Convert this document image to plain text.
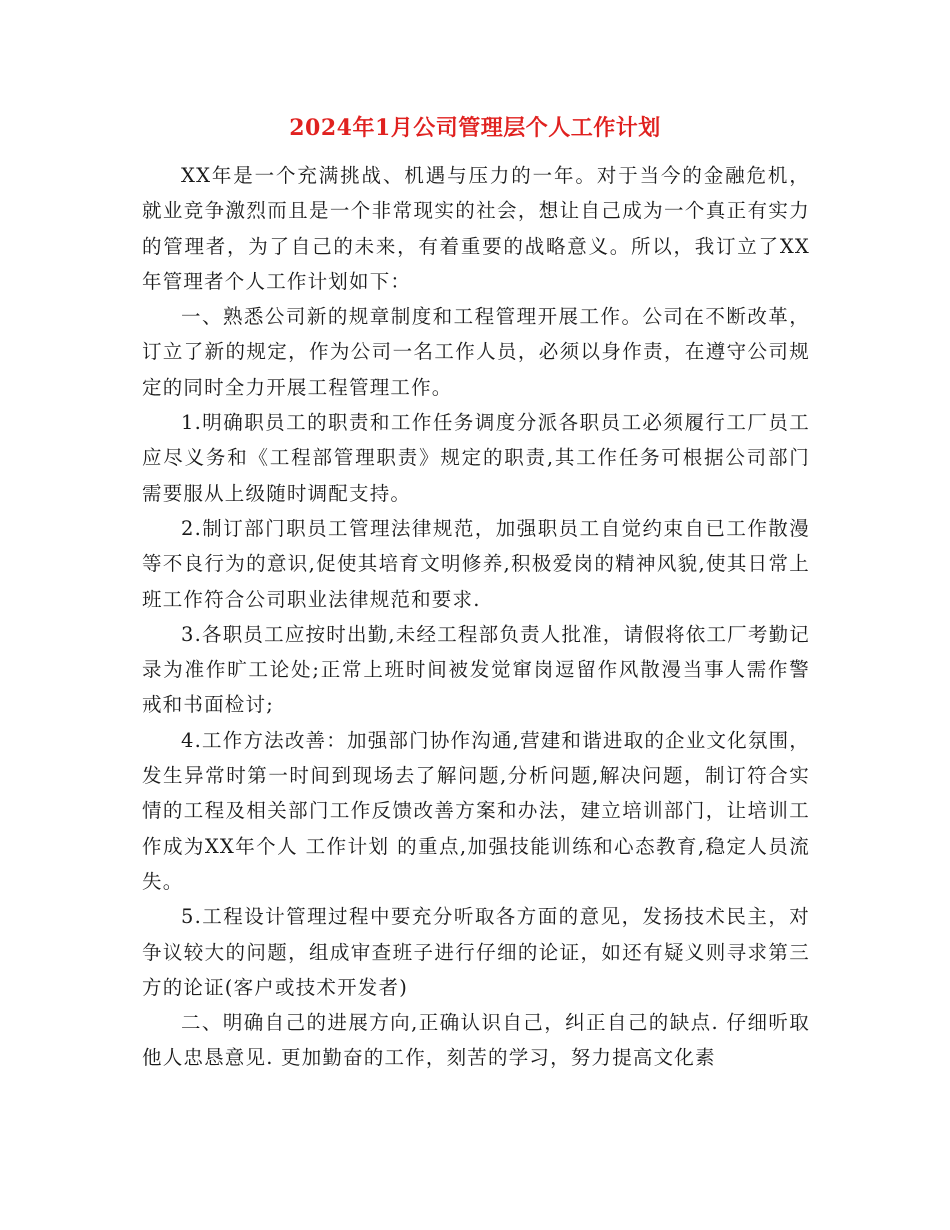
2024年1月公司管理层个人工作计划

XX年是一个充满挑战、机遇与压力的一年。对于当今的金融危机，就业竞争激烈而且是一个非常现实的社会，想让自己成为一个真正有实力的管理者，为了自己的未来，有着重要的战略意义。所以，我订立了XX年管理者个人工作计划如下：

一、熟悉公司新的规章制度和工程管理开展工作。公司在不断改革，订立了新的规定，作为公司一名工作人员，必须以身作责，在遵守公司规定的同时全力开展工程管理工作。

1.明确职员工的职责和工作任务调度分派各职员工必须履行工厂员工应尽义务和《工程部管理职责》规定的职责,其工作任务可根据公司部门需要服从上级随时调配支持。

2.制订部门职员工管理法律规范，加强职员工自觉约束自已工作散漫等不良行为的意识,促使其培育文明修养,积极爱岗的精神风貌,使其日常上班工作符合公司职业法律规范和要求.

3.各职员工应按时出勤,未经工程部负责人批准，请假将依工厂考勤记录为准作旷工论处;正常上班时间被发觉窜岗逗留作风散漫当事人需作警戒和书面检讨;

4.工作方法改善：加强部门协作沟通,营建和谐进取的企业文化氛围，发生异常时第一时间到现场去了解问题,分析问题,解决问题，制订符合实情的工程及相关部门工作反馈改善方案和办法，建立培训部门，让培训工作成为XX年个人 工作计划 的重点,加强技能训练和心态教育,稳定人员流失。

5.工程设计管理过程中要充分听取各方面的意见，发扬技术民主，对争议较大的问题，组成审查班子进行仔细的论证，如还有疑义则寻求第三方的论证(客户或技术开发者)

二、明确自己的进展方向,正确认识自己，纠正自己的缺点. 仔细听取他人忠恳意见. 更加勤奋的工作，刻苦的学习，努力提高文化素
